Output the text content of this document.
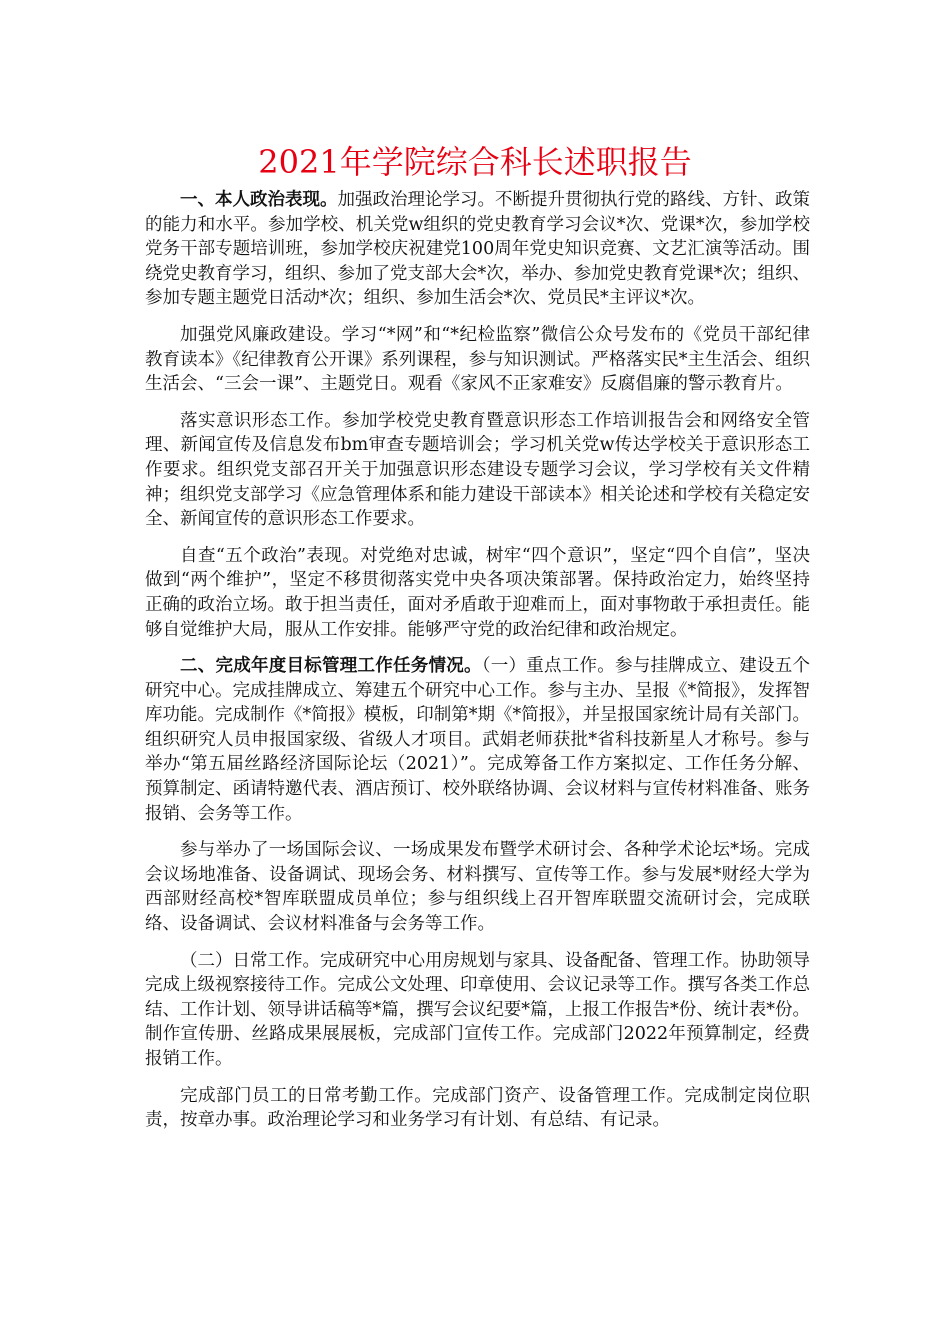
2021年学院综合科长述职报告

一、本人政治表现。加强政治理论学习。不断提升贯彻执行党的路线、方针、政策的能力和水平。参加学校、机关党w组织的党史教育学习会议*次、党课*次，参加学校党务干部专题培训班，参加学校庆祝建党100周年党史知识竞赛、文艺汇演等活动。围绕党史教育学习，组织、参加了党支部大会*次，举办、参加党史教育党课*次；组织、参加专题主题党日活动*次；组织、参加生活会*次、党员民*主评议*次。

加强党风廉政建设。学习“*网”和“*纪检监察”微信公众号发布的《党员干部纪律教育读本》《纪律教育公开课》系列课程，参与知识测试。严格落实民*主生活会、组织生活会、“三会一课”、主题党日。观看《家风不正家难安》反腐倡廉的警示教育片。

落实意识形态工作。参加学校党史教育暨意识形态工作培训报告会和网络安全管理、新闻宣传及信息发布bm审查专题培训会；学习机关党w传达学校关于意识形态工作要求。组织党支部召开关于加强意识形态建设专题学习会议，学习学校有关文件精神；组织党支部学习《应急管理体系和能力建设干部读本》相关论述和学校有关稳定安全、新闻宣传的意识形态工作要求。

自查“五个政治”表现。对党绝对忠诚，树牢“四个意识”，坚定“四个自信”，坚决做到“两个维护”，坚定不移贯彻落实党中央各项决策部署。保持政治定力，始终坚持正确的政治立场。敢于担当责任，面对矛盾敢于迎难而上，面对事物敢于承担责任。能够自觉维护大局，服从工作安排。能够严守党的政治纪律和政治规定。

二、完成年度目标管理工作任务情况。（一）重点工作。参与挂牌成立、建设五个研究中心。完成挂牌成立、筹建五个研究中心工作。参与主办、呈报《*简报》，发挥智库功能。完成制作《*简报》模板，印制第*期《*简报》，并呈报国家统计局有关部门。组织研究人员申报国家级、省级人才项目。武娟老师获批*省科技新星人才称号。参与举办“第五届丝路经济国际论坛（2021）”。完成筹备工作方案拟定、工作任务分解、预算制定、函请特邀代表、酒店预订、校外联络协调、会议材料与宣传材料准备、账务报销、会务等工作。

参与举办了一场国际会议、一场成果发布暨学术研讨会、各种学术论坛*场。完成会议场地准备、设备调试、现场会务、材料撰写、宣传等工作。参与发展*财经大学为西部财经高校*智库联盟成员单位；参与组织线上召开智库联盟交流研讨会，完成联络、设备调试、会议材料准备与会务等工作。

（二）日常工作。完成研究中心用房规划与家具、设备配备、管理工作。协助领导完成上级视察接待工作。完成公文处理、印章使用、会议记录等工作。撰写各类工作总结、工作计划、领导讲话稿等*篇，撰写会议纪要*篇，上报工作报告*份、统计表*份。制作宣传册、丝路成果展展板，完成部门宣传工作。完成部门2022年预算制定，经费报销工作。

完成部门员工的日常考勤工作。完成部门资产、设备管理工作。完成制定岗位职责，按章办事。政治理论学习和业务学习有计划、有总结、有记录。
